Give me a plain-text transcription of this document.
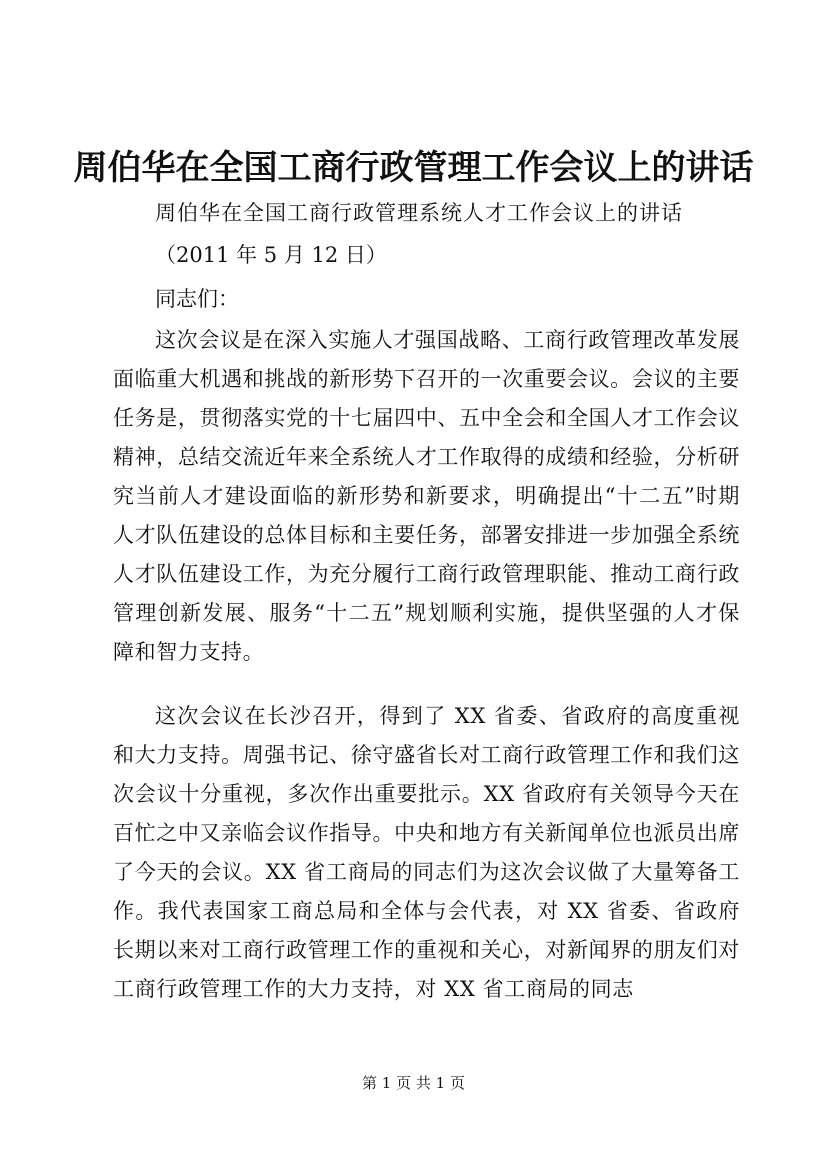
周伯华在全国工商行政管理工作会议上的讲话
周伯华在全国工商行政管理系统人才工作会议上的讲话
（2011 年 5 月 12 日）
同志们：

这次会议是在深入实施人才强国战略、工商行政管理改革发展面临重大机遇和挑战的新形势下召开的一次重要会议。会议的主要任务是，贯彻落实党的十七届四中、五中全会和全国人才工作会议精神，总结交流近年来全系统人才工作取得的成绩和经验，分析研究当前人才建设面临的新形势和新要求，明确提出“十二五”时期人才队伍建设的总体目标和主要任务，部署安排进一步加强全系统人才队伍建设工作，为充分履行工商行政管理职能、推动工商行政管理创新发展、服务“十二五”规划顺利实施，提供坚强的人才保障和智力支持。

这次会议在长沙召开，得到了 XX 省委、省政府的高度重视和大力支持。周强书记、徐守盛省长对工商行政管理工作和我们这次会议十分重视，多次作出重要批示。XX 省政府有关领导今天在百忙之中又亲临会议作指导。中央和地方有关新闻单位也派员出席了今天的会议。XX 省工商局的同志们为这次会议做了大量筹备工作。我代表国家工商总局和全体与会代表，对 XX 省委、省政府长期以来对工商行政管理工作的重视和关心，对新闻界的朋友们对工商行政管理工作的大力支持，对 XX 省工商局的同志

第 1 页 共 1 页
